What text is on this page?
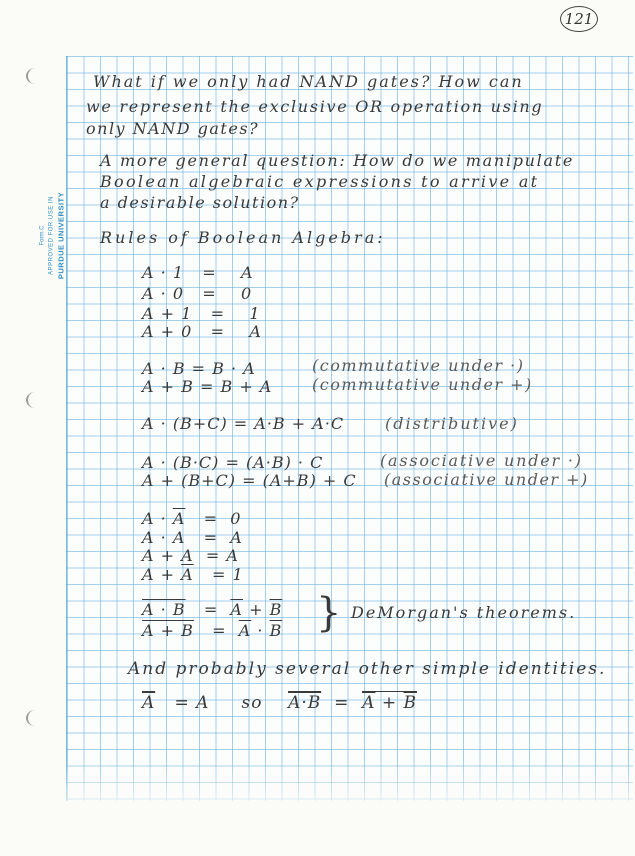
121
Form C APPROVED FOR USE IN PURDUE UNIVERSITY
What if we only had NAND gates? How can
we represent the exclusive OR operation using
only NAND gates?
A more general question: How do we manipulate
Boolean algebraic expressions to arrive at
a desirable solution?
Rules of Boolean Algebra:
A · 1 = A
A · 0 = 0
A + 1 = 1
A + 0 = A
A · B = B · A	(commutative under ·)
A + B = B + A (commutative under +)
A · (B+C) = A·B + A·C	(distributive)
A · (B·C) = (A·B) · C	(associative under ·)
A + (B+C) = (A+B) + C (associative under +)
$A \cdot \overline{A} = 0$
A · A = A
A + A = A
$A + \overline{A} = 1$
$A \cdot B = \overline{A} + \overline{B}$
$A + B = \overline{A} \cdot \overline{B}$ } DeMorgan's theorems.
And probably several other simple identities.
$\overline{A} = A$ so $A\cdot B = \overline{A} + \overline{B}$
